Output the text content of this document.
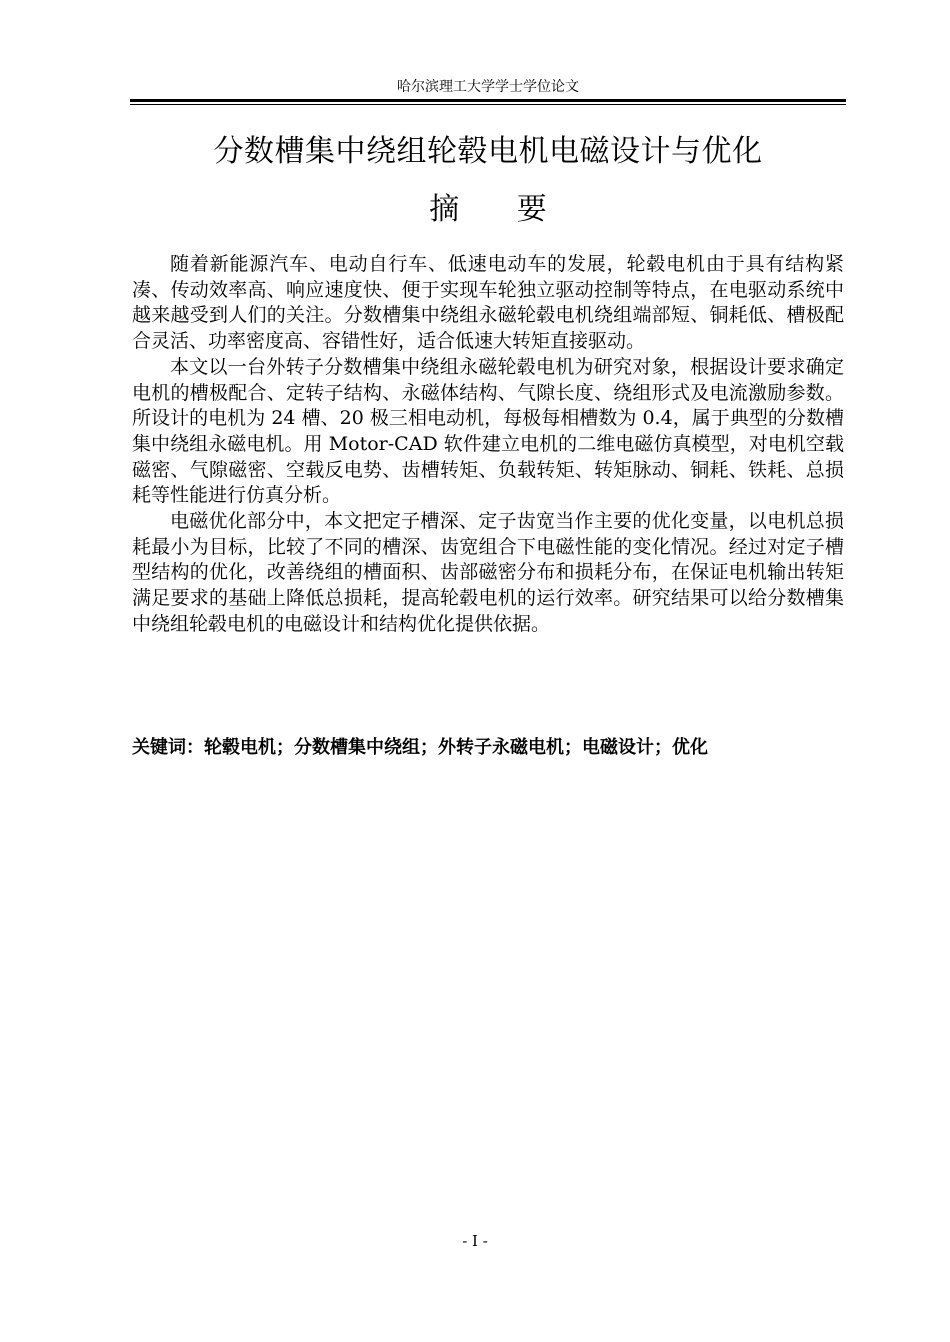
哈尔滨理工大学学士学位论文
分数槽集中绕组轮毂电机电磁设计与优化
摘 要

随着新能源汽车、电动自行车、低速电动车的发展，轮毂电机由于具有结构紧凑、传动效率高、响应速度快、便于实现车轮独立驱动控制等特点，在电驱动系统中越来越受到人们的关注。分数槽集中绕组永磁轮毂电机绕组端部短、铜耗低、槽极配合灵活、功率密度高、容错性好，适合低速大转矩直接驱动。

本文以一台外转子分数槽集中绕组永磁轮毂电机为研究对象，根据设计要求确定电机的槽极配合、定转子结构、永磁体结构、气隙长度、绕组形式及电流激励参数。所设计的电机为 24 槽、20 极三相电动机，每极每相槽数为 0.4，属于典型的分数槽集中绕组永磁电机。用 Motor-CAD 软件建立电机的二维电磁仿真模型，对电机空载磁密、气隙磁密、空载反电势、齿槽转矩、负载转矩、转矩脉动、铜耗、铁耗、总损耗等性能进行仿真分析。

电磁优化部分中，本文把定子槽深、定子齿宽当作主要的优化变量，以电机总损耗最小为目标，比较了不同的槽深、齿宽组合下电磁性能的变化情况。经过对定子槽型结构的优化，改善绕组的槽面积、齿部磁密分布和损耗分布，在保证电机输出转矩满足要求的基础上降低总损耗，提高轮毂电机的运行效率。研究结果可以给分数槽集中绕组轮毂电机的电磁设计和结构优化提供依据。

关键词：轮毂电机；分数槽集中绕组；外转子永磁电机；电磁设计；优化

- I -
